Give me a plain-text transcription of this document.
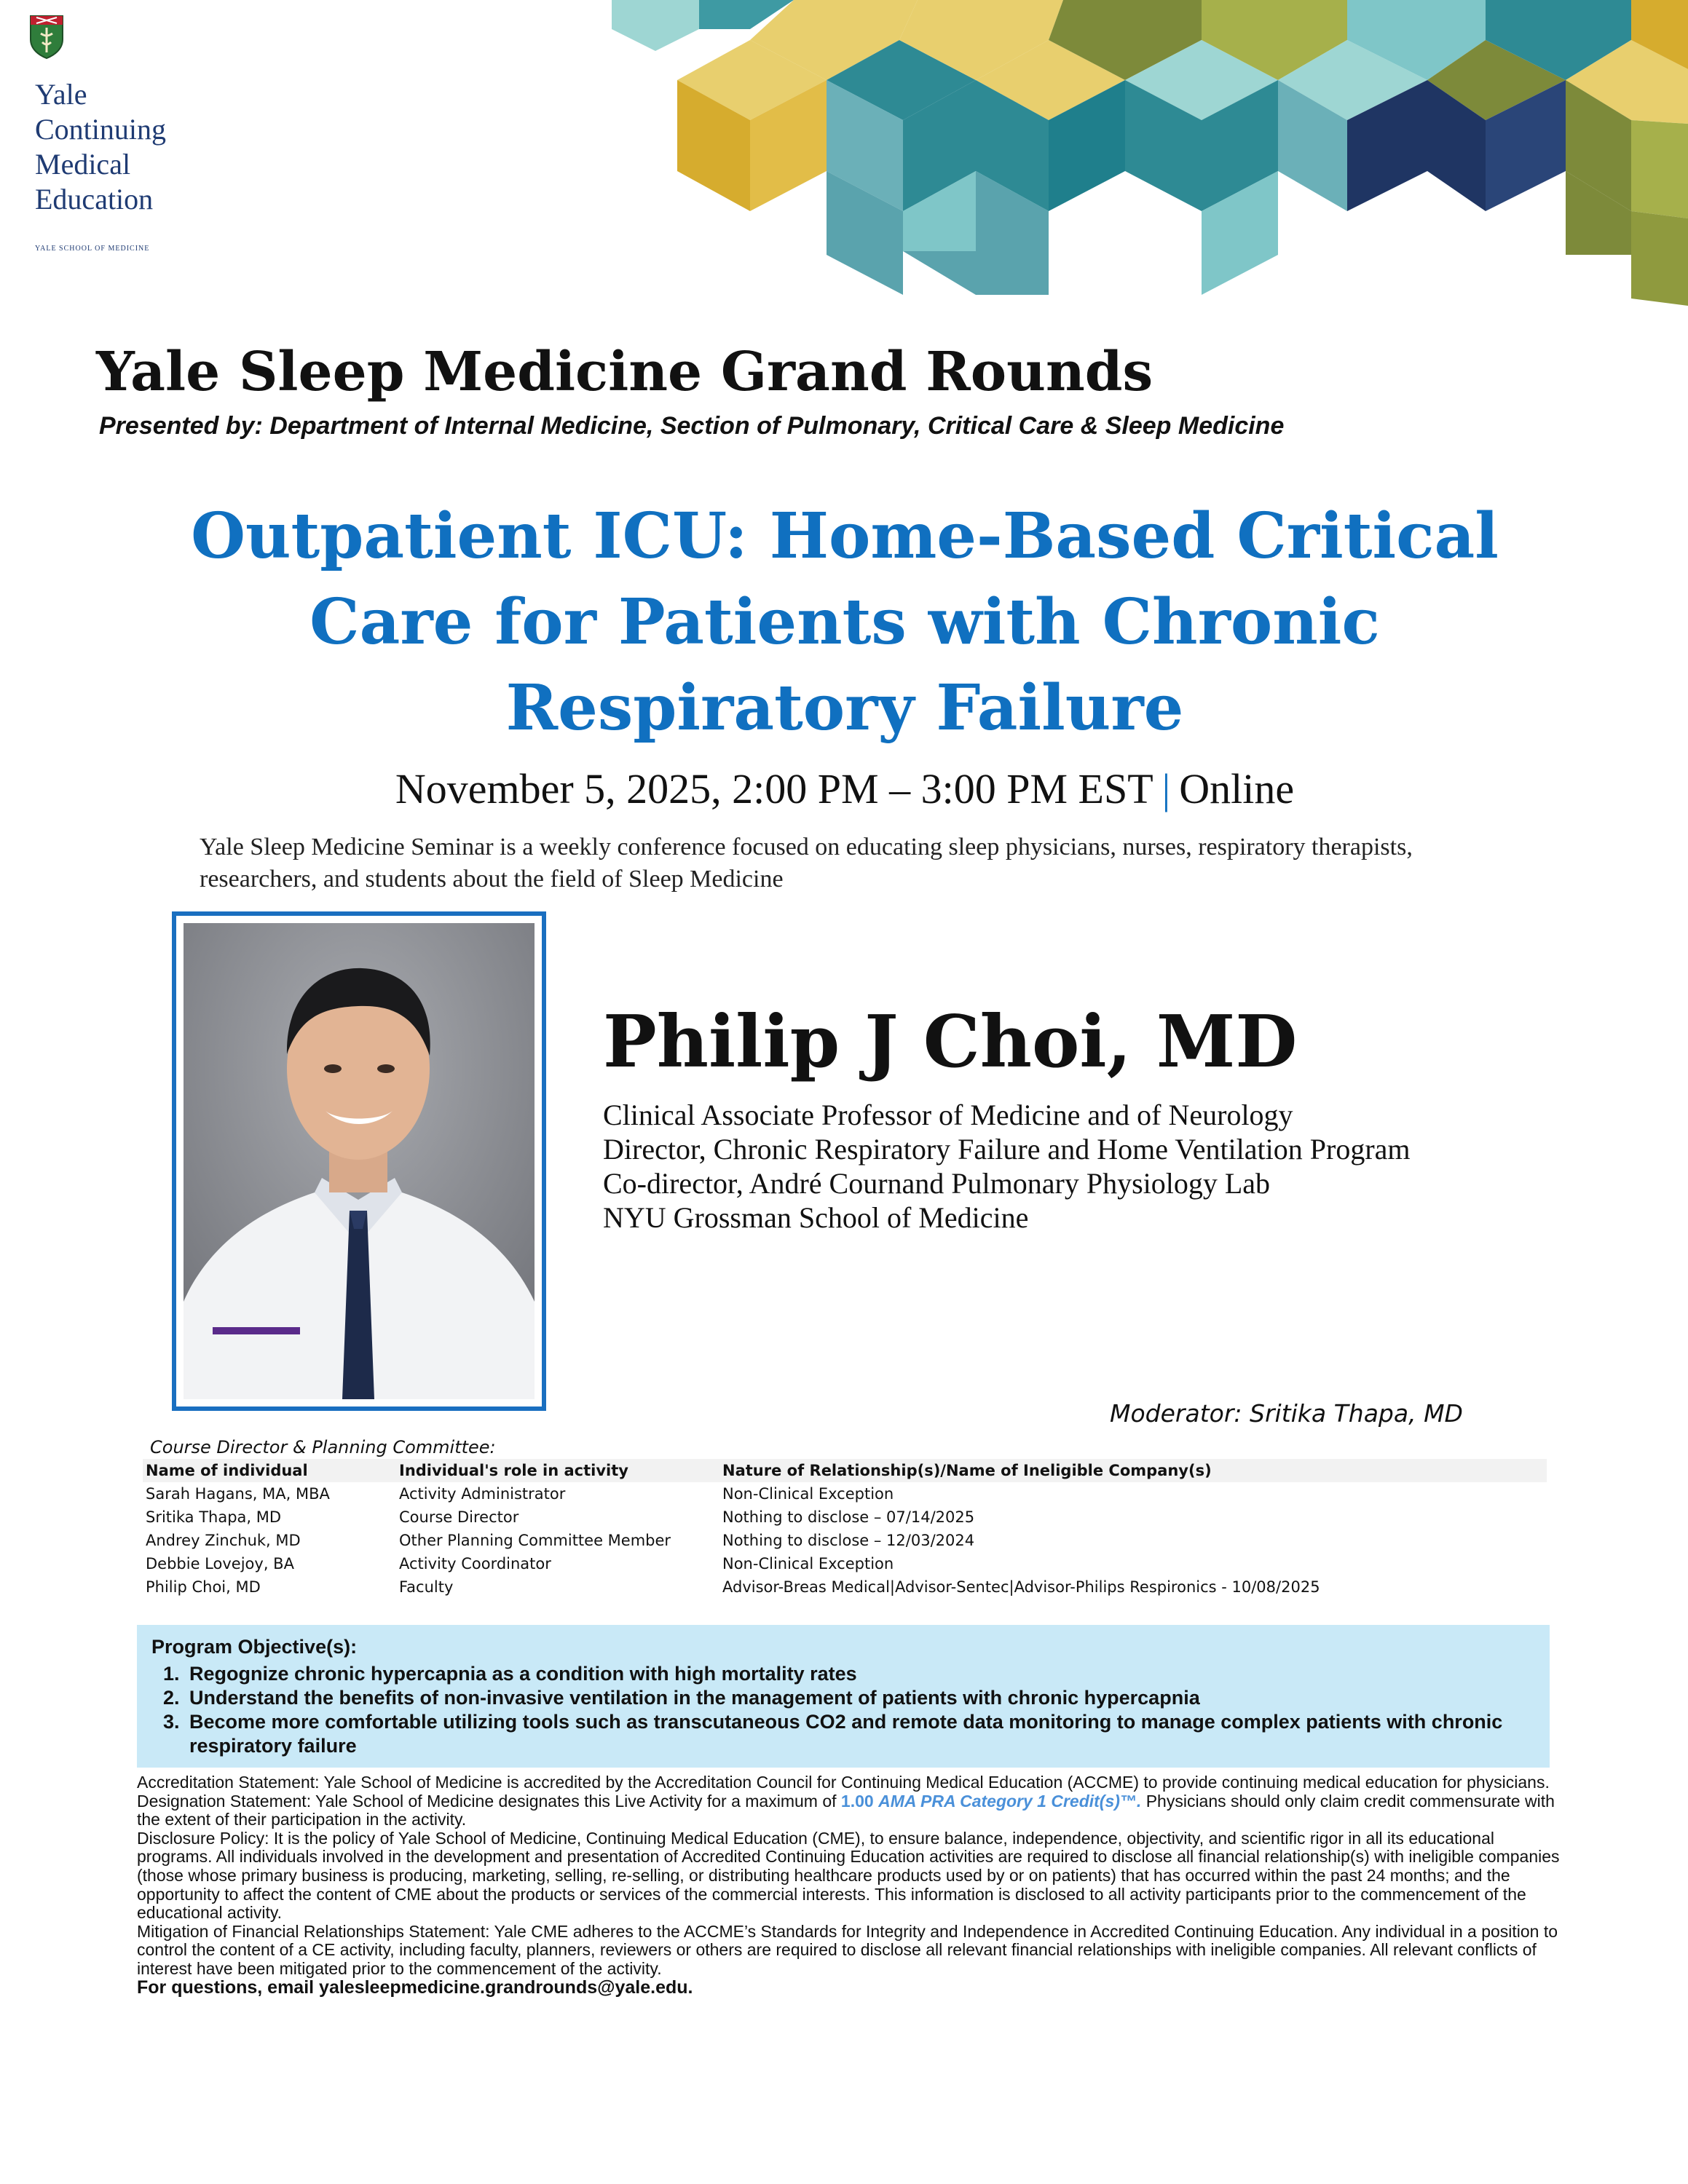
Yale
Continuing
Medical
Education
YALE SCHOOL OF MEDICINE
Yale Sleep Medicine Grand Rounds
Presented by: Department of Internal Medicine, Section of Pulmonary, Critical Care & Sleep Medicine
Outpatient ICU: Home-Based Critical
Care for Patients with Chronic
Respiratory Failure
November 5, 2025, 2:00 PM – 3:00 PM EST | Online
Yale Sleep Medicine Seminar is a weekly conference focused on educating sleep physicians, nurses, respiratory therapists, researchers, and students about the field of Sleep Medicine
Philip J Choi, MD
Clinical Associate Professor of Medicine and of Neurology
Director, Chronic Respiratory Failure and Home Ventilation Program
Co-director, André Cournand Pulmonary Physiology Lab
NYU Grossman School of Medicine
Moderator: Sritika Thapa, MD
Course Director & Planning Committee:
Name of individual	Individual's role in activity	Nature of Relationship(s)/Name of Ineligible Company(s)
Sarah Hagans, MA, MBA	Activity Administrator	Non-Clinical Exception
Sritika Thapa, MD	Course Director	Nothing to disclose – 07/14/2025
Andrey Zinchuk, MD	Other Planning Committee Member	Nothing to disclose – 12/03/2024
Debbie Lovejoy, BA	Activity Coordinator	Non-Clinical Exception
Philip Choi, MD	Faculty	Advisor-Breas Medical|Advisor-Sentec|Advisor-Philips Respironics - 10/08/2025
Program Objective(s):
1. Regognize chronic hypercapnia as a condition with high mortality rates
2. Understand the benefits of non-invasive ventilation in the management of patients with chronic hypercapnia
3. Become more comfortable utilizing tools such as transcutaneous CO2 and remote data monitoring to manage complex patients with chronic respiratory failure

Accreditation Statement: Yale School of Medicine is accredited by the Accreditation Council for Continuing Medical Education (ACCME) to provide continuing medical education for physicians.

Designation Statement: Yale School of Medicine designates this Live Activity for a maximum of 1.00 AMA PRA Category 1 Credit(s)™. Physicians should only claim credit commensurate with the extent of their participation in the activity.

Disclosure Policy: It is the policy of Yale School of Medicine, Continuing Medical Education (CME), to ensure balance, independence, objectivity, and scientific rigor in all its educational programs. All individuals involved in the development and presentation of Accredited Continuing Education activities are required to disclose all financial relationship(s) with ineligible companies (those whose primary business is producing, marketing, selling, re-selling, or distributing healthcare products used by or on patients) that has occurred within the past 24 months; and the opportunity to affect the content of CME about the products or services of the commercial interests. This information is disclosed to all activity participants prior to the commencement of the educational activity.

Mitigation of Financial Relationships Statement: Yale CME adheres to the ACCME’s Standards for Integrity and Independence in Accredited Continuing Education. Any individual in a position to control the content of a CE activity, including faculty, planners, reviewers or others are required to disclose all relevant financial relationships with ineligible companies. All relevant conflicts of interest have been mitigated prior to the commencement of the activity.

For questions, email yalesleepmedicine.grandrounds@yale.edu.
